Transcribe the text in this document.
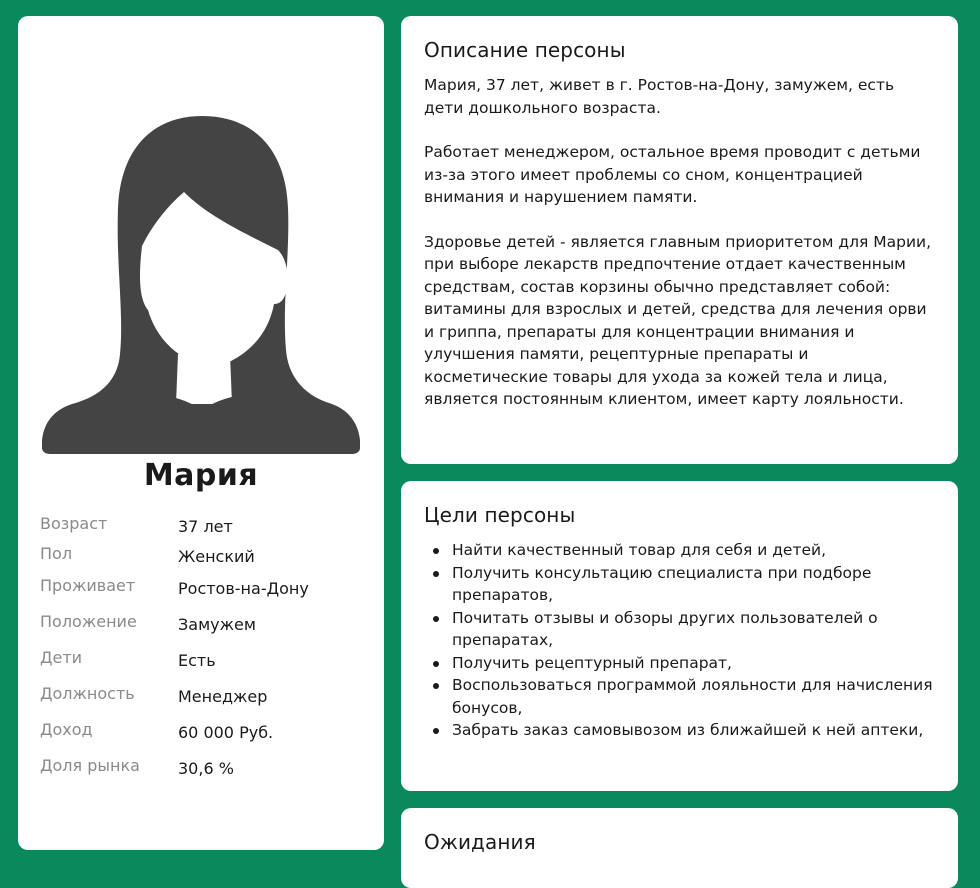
Мария
Возраст	37 лет
Пол	Женский
Проживает	Ростов-на-Дону
Положение	Замужем
Дети	Есть
Должность	Менеджер
Доход	60 000 Руб.
Доля рынка 30,6 %
Описание персоны

Мария, 37 лет, живет в г. Ростов-на-Дону, замужем, есть дети дошкольного возраста.

Работает менеджером, остальное время проводит с детьми из-за этого имеет проблемы со сном, концентрацией внимания и нарушением памяти.

Здоровье детей - является главным приоритетом для Марии, при выборе лекарств предпочтение отдает качественным средствам, состав корзины обычно представляет собой: витамины для взрослых и детей, средства для лечения орви и гриппа, препараты для концентрации внимания и улучшения памяти, рецептурные препараты и косметические товары для ухода за кожей тела и лица, является постоянным клиентом, имеет карту лояльности.

Цели персоны
Найти качественный товар для себя и детей,
Получить консультацию специалиста при подборе препаратов,
Почитать отзывы и обзоры других пользователей о препаратах,
Получить рецептурный препарат,
Воспользоваться программой лояльности для начисления бонусов,
Забрать заказ самовывозом из ближайшей к ней аптеки,
Ожидания
